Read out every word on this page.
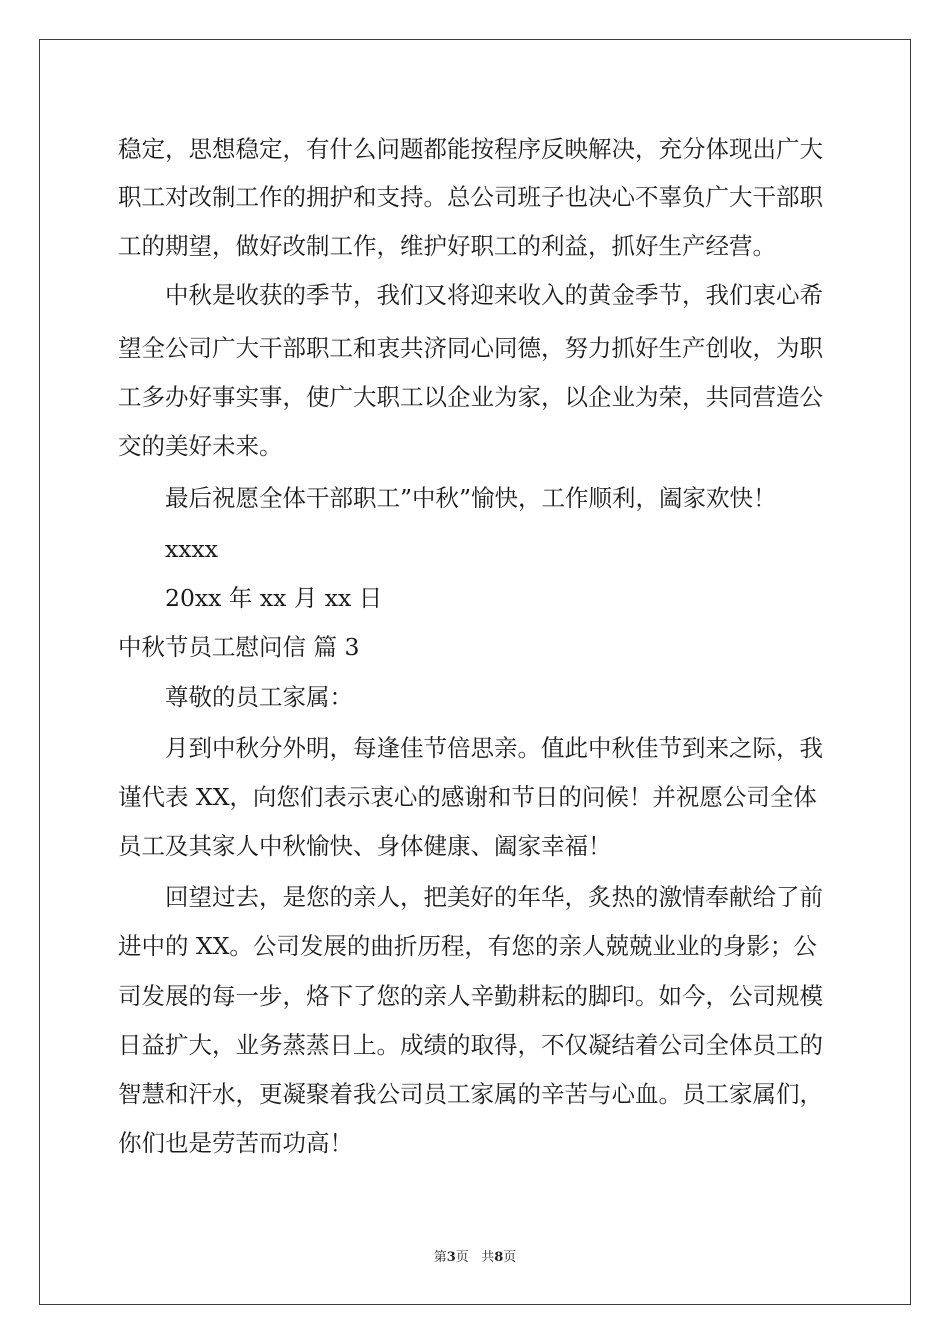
稳定，思想稳定，有什么问题都能按程序反映解决，充分体现出广大

职工对改制工作的拥护和支持。总公司班子也决心不辜负广大干部职

工的期望，做好改制工作，维护好职工的利益，抓好生产经营。

中秋是收获的季节，我们又将迎来收入的黄金季节，我们衷心希

望全公司广大干部职工和衷共济同心同德，努力抓好生产创收，为职

工多办好事实事，使广大职工以企业为家，以企业为荣，共同营造公

交的美好未来。

最后祝愿全体干部职工”中秋”愉快，工作顺利，阖家欢快！

xxxx

20xx 年 xx 月 xx 日

中秋节员工慰问信 篇 3

尊敬的员工家属：

月到中秋分外明，每逢佳节倍思亲。值此中秋佳节到来之际，我

谨代表 XX，向您们表示衷心的感谢和节日的问候！并祝愿公司全体

员工及其家人中秋愉快、身体健康、阖家幸福！

回望过去，是您的亲人，把美好的年华，炙热的激情奉献给了前

进中的 XX。公司发展的曲折历程，有您的亲人兢兢业业的身影；公

司发展的每一步，烙下了您的亲人辛勤耕耘的脚印。如今，公司规模

日益扩大，业务蒸蒸日上。成绩的取得，不仅凝结着公司全体员工的

智慧和汗水，更凝聚着我公司员工家属的辛苦与心血。员工家属们，

你们也是劳苦而功高！

第3页   共8页
